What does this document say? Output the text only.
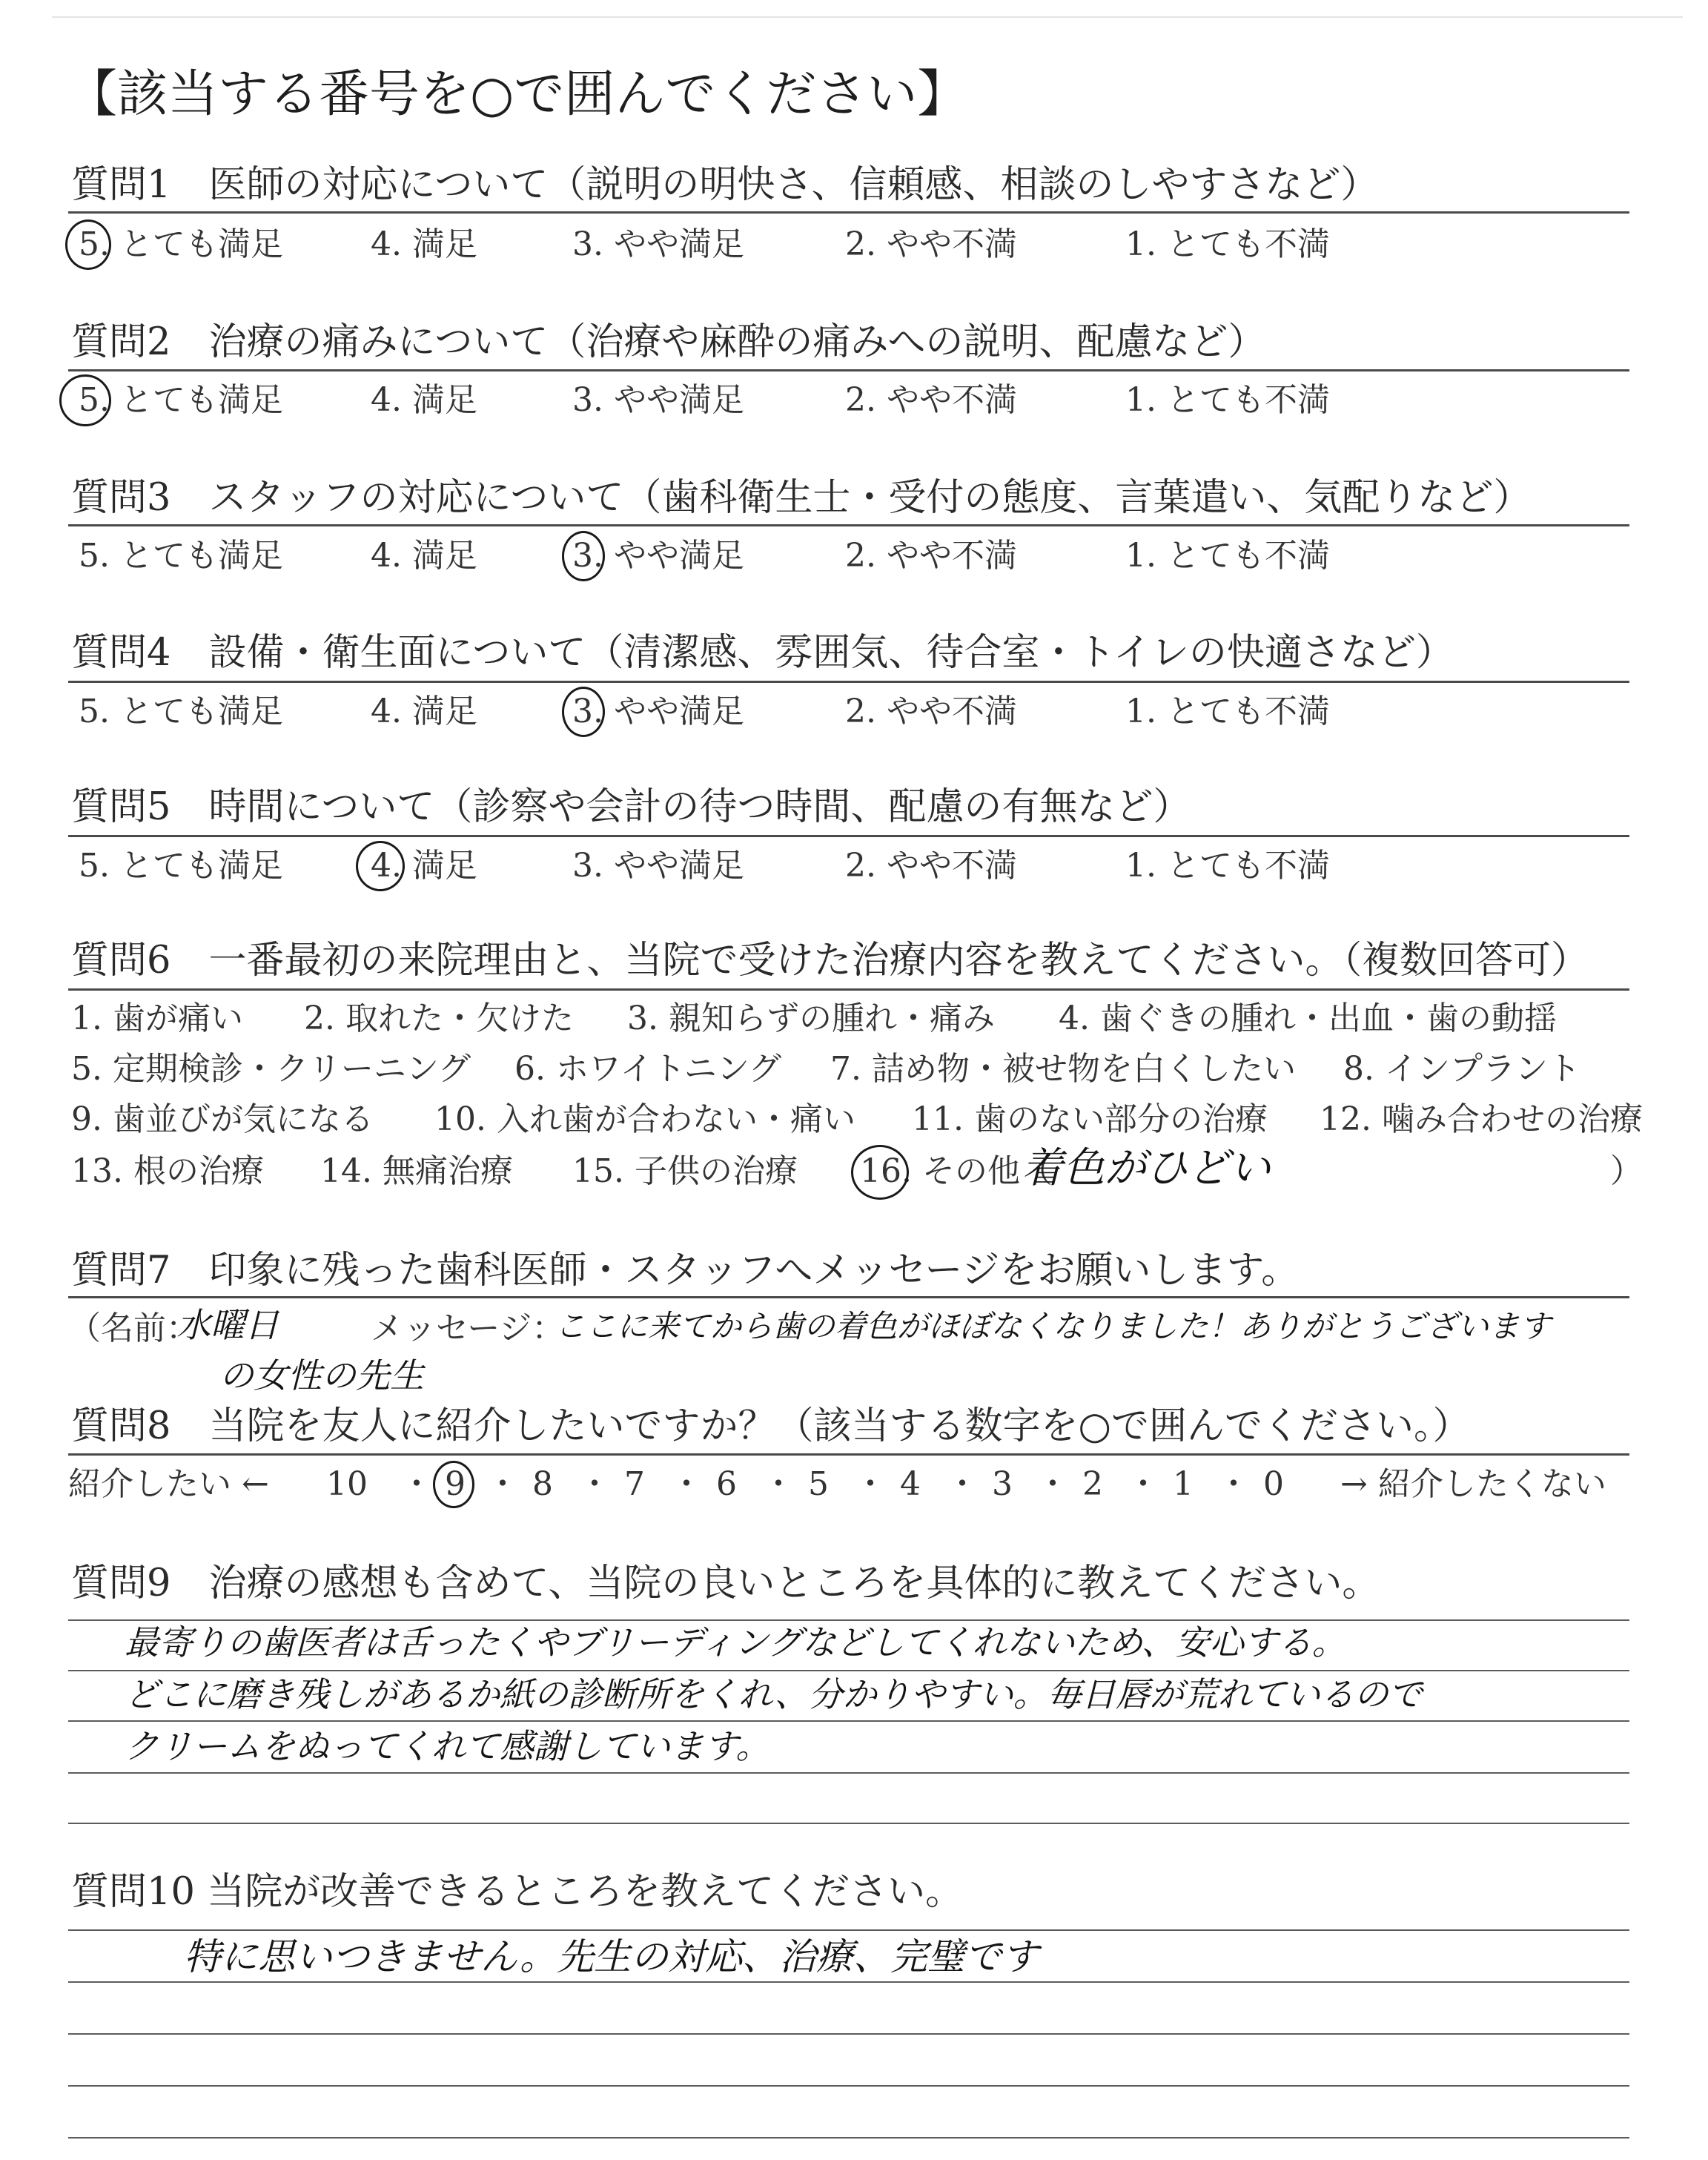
【該当する番号を○で囲んでください】
質問1　医師の対応について（説明の明快さ、信頼感、相談のしやすさなど）
5. とても満足	4. 満足	3. やや満足	2. やや不満	1. とても不満
質問2　治療の痛みについて（治療や麻酔の痛みへの説明、配慮など）
5. とても満足	4. 満足	3. やや満足	2. やや不満	1. とても不満
質問3　スタッフの対応について（歯科衛生士・受付の態度、言葉遣い、気配りなど）
5. とても満足	4. 満足	3. やや満足	2. やや不満	1. とても不満
質問4　設備・衛生面について（清潔感、雰囲気、待合室・トイレの快適さなど）
5. とても満足	4. 満足	3. やや満足	2. やや不満	1. とても不満
質問5　時間について（診察や会計の待つ時間、配慮の有無など）
5. とても満足	4. 満足	3. やや満足	2. やや不満	1. とても不満
質問6　一番最初の来院理由と、当院で受けた治療内容を教えてください。（複数回答可）
1. 歯が痛い 2. 取れた・欠けた 3. 親知らずの腫れ・痛み 4. 歯ぐきの腫れ・出血・歯の動揺
5. 定期検診・クリーニング 6. ホワイトニング 7. 詰め物・被せ物を白くしたい 8. インプラント
9. 歯並びが気になる 10. 入れ歯が合わない・痛い 11. 歯のない部分の治療 12. 噛み合わせの治療
13. 根の治療 14. 無痛治療 15. 子供の治療 16. その他（
着色がひどい	）
質問7　印象に残った歯科医師・スタッフへメッセージをお願いします。
（名前：
水曜日
の女性の先生
メッセージ：
ここに来てから歯の着色がほぼなくなりました！ありがとうございます
質問8　当院を友人に紹介したいですか？（該当する数字を○で囲んでください。）
紹介したい ← 10 9 8 7 6 5 4 3 2 1 0
・ ・ ・ ・ ・ ・ ・ ・ ・ ・	→ 紹介したくない
質問9　治療の感想も含めて、当院の良いところを具体的に教えてください。
最寄りの歯医者は舌ったくやブリーディングなどしてくれないため、安心する。
どこに磨き残しがあるか紙の診断所をくれ、分かりやすい。毎日唇が荒れているので
クリームをぬってくれて感謝しています。
質問10 当院が改善できるところを教えてください。
特に思いつきません。先生の対応、治療、完璧です
